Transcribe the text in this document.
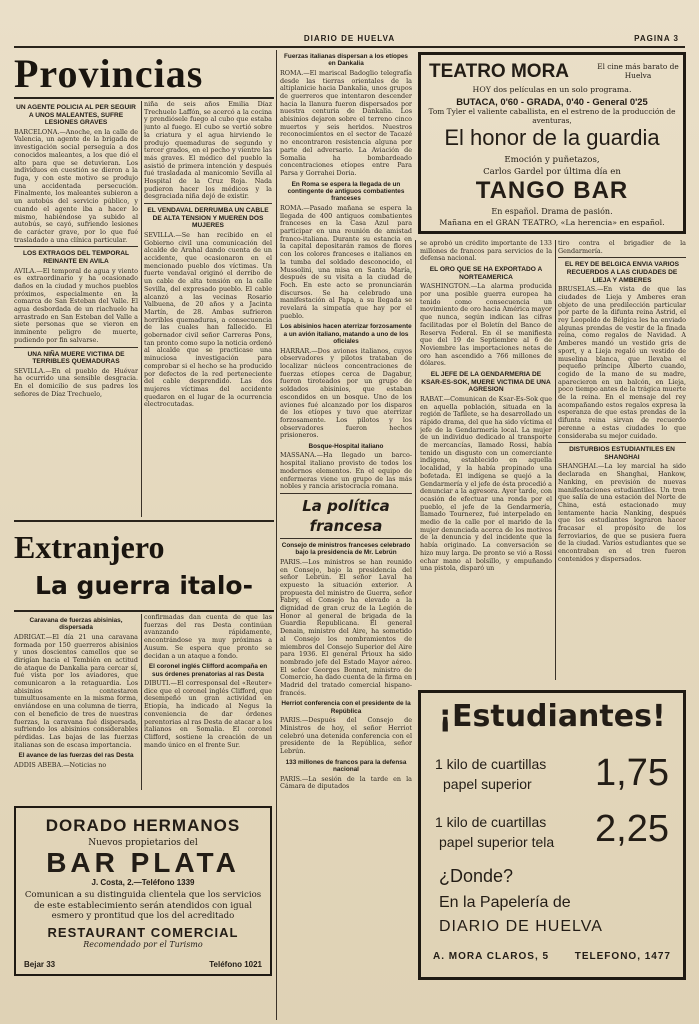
DIARIO DE HUELVA	PAGINA 3
Provincias
UN AGENTE POLICIA AL PER SEGUIR A UNOS MALEANTES, SUFRE LESIONES GRAVES
BARCELONA.—Anoche, en la calle de Valencia, un agente de la brigada de investigación social perseguía a dos conocidos maleantes, a los que dió el alto para que se detuvieran. Los individuos en cuestión se dieron a la fuga, y con este motivo se produjo una accidentada persecución. Finalmente, los maleantes subieron a un autobús del servicio público, y cuando el agente iba a hacer lo mismo, habiéndose ya subido al autobús, se cayó, sufriendo lesiones de carácter grave, por lo que fué trasladado a una clínica particular.
LOS EXTRAGOS DEL TEMPORAL REINANTE EN AVILA
AVILA.—El temporal de agua y viento es extraordinario y ha ocasionado daños en la ciudad y muchos pueblos próximos, especialmente en la comarca de San Esteban del Valle. El agua desbordada de un riachuelo ha arrastrado en San Esteban del Valle a siete personas que se vieron en inminente peligro de muerte, pudiendo por fin salvarse.
UNA NIÑA MUERE VICTIMA DE TERRIBLES QUEMADURAS
SEVILLA.—En el pueblo de Huévar ha ocurrido una sensible desgracia. En el domicilio de sus padres los señores de Díaz Trechuelo,
niña de seis años Emilia Díaz Trechuelo Laffón, se acercó a la cocina y prendiósele fuego al cubo que estaba junto al fuego. El cubo se vertió sobre la criatura y el agua hirviendo le produjo quemaduras de segundo y tercer grados, en el pecho y vientre las más graves. El médico del pueblo la asistió de primera intención y después fué trasladada al manicomio Sevilla al Hospital de la Cruz Roja. Nada pudieron hacer los médicos y la desgraciada niña dejó de existir.
EL VENDAVAL DERRUMBA UN CABLE DE ALTA TENSION Y MUEREN DOS MUJERES
SEVILLA.—Se han recibido en el Gobierno civil una comunicación del alcalde de Arahal dando cuenta de un accidente, que ocasionaron en el mencionado pueblo dos víctimas. Un fuerte vendaval originó el derribo de un cable de alta tensión en la calle Sevilla, del expresado pueblo. El cable alcanzó a las vecinas Rosario Valbuena, de 20 años y a Jacinta Martín, de 28. Ambas sufrieron horribles quemaduras, a consecuencia de las cuales han fallecido. El gobernador civil señor Carreras Pons, tan pronto como supo la noticia ordenó al alcalde que se practicase una minuciosa investigación para comprobar si el hecho se ha producido por defectos de la red perteneciente del cable desprendido. Las dos mujeres víctimas del accidente quedaron en el lugar de la ocurrencia electrocutadas.
Extranjero
La guerra italo-
Caravana de fuerzas abisinias, dispersada
ADRIGAT.—El día 21 una caravana formada por 150 guerreros abisinios y unos doscientos camellos que se dirigían hacia el Tembién en actitud de ataque de Dankalia para cercar sí, fué vista por los aviadores, que comunicaron a la retaguardia. Los abisinios contestaron tumultuosamente en la misma forma, enviándose en una columna de tierra, con el beneficio de tres de nuestras fuerzas, la caravana fué dispersada, sufriendo los abisinios considerables pérdidas. Las bajas de las fuerzas italianas son de escasa importancia.
El avance de las fuerzas del ras Desta
ADDIS ABEBA.—Noticias no
confirmadas dan cuenta de que las fuerzas del ras Desta continúan avanzando rápidamente, encontrándose ya muy próximas a Ausum. Se espera que pronto se decidan a un ataque a fondo.
El coronel inglés Clifford acompaña en sus órdenes prenatorias al ras Desta
DIBUTI.—El corresponsal del «Reuter» dice que el coronel inglés Clifford, que desempeñó un gran actividad en Etiopía, ha indicado al Negus la conveniencia de dar órdenes perentorias al ras Desta de atacar a los italianos en Somalia. El coronel Clifford, sostiene la creación de un mando único en el frente Sur.
DORADO HERMANOS
Nuevos propietarios del
BAR PLATA
J. Costa, 2.—Teléfono 1339
Comunican a su distinguida clientela que los servicios de este establecimiento serán atendidos con igual esmero y prontitud que los del acreditado
RESTAURANT COMERCIAL
Recomendado por el Turismo
Bejar 33	Teléfono 1021
Fuerzas italianas dispersan a los etíopes en Dankalia
ROMA.—El mariscal Badoglio telegrafía desde las tierras orientales de la altiplanicie hacia Dankalia, unos grupos de guerreros que intentaron descender hacia la llanura fueron dispersados por nuestra centuria de Dankalia. Los abisinios dejaron sobre el terreno cinco muertos y seis heridos. Nuestros reconocimientos en el sector de Tacazé no encontraron resistencia alguna por parte del adversario. La Aviación de Somalia ha bombardeado concentraciones etíopes entre Para Parsa y Gorrahei Doria.
En Roma se espera la llegada de un contingente de antiguos combatientes franceses
ROMA.—Pasado mañana se espera la llegada de 400 antiguos combatientes franceses en la Casa Azul para participar en una reunión de amistad franco-italiana. Durante su estancia en la capital depositarán ramos de flores con los colores franceses e italianos en la tumba del soldado desconocido, el Mussolini, una misa en Santa María, después de su visita a la ciudad de Foch. En este acto se pronunciarán discursos. Se ha celebrado una manifestación al Papa, a su llegada se revelará la simpatía que hay por el pueblo.
Los abisinios hacen aterrizar forzosamente a un avión italiano, matando a uno de los oficiales
HARRAR.—Dos aviones italianos, cuyos observadores y pilotos trataban de localizar núcleos concentraciones de fuerzas etíopes cerca de Dagabur, fueron tiroteados por un grupo de soldados abisinios, que estaban escondidos en un bosque. Uno de los aviones fué alcanzado por los disparos de los etíopes y tuvo que aterrizar forzosamente. Los pilotos y los observadores fueron hechos prisioneros.
Bosque-Hospital italiano
MASSANA.—Ha llegado un barco-hospital italiano provisto de todos los modernos elementos. En el equipo de enfermeras viene un grupo de las más nobles y rancia aristocracia romana.
La política francesa
Consejo de ministros franceses celebrado bajo la presidencia de Mr. Lebrún
PARIS.—Los ministros se han reunido en Consejo, bajo la presidencia del señor Lebrún. El señor Laval ha expuesto la situación exterior. A propuesta del ministro de Guerra, señor Fabry, el Consejo ha elevado a la dignidad de gran cruz de la Legión de Honor al general de brigada de la Guardia Republicana. El general Denain, ministro del Aire, ha sometido al Consejo los nombramientos de miembros del Consejo Superior del Aire para 1936. El general Prioux ha sido nombrado jefe del Estado Mayor aéreo. El señor Georges Bonnet, ministro de Comercio, ha dado cuenta de la firma en Madrid del tratado comercial hispano-francés.
Herriot conferencia con el presidente de la República
PARIS.—Después del Consejo de Ministros de hoy, el señor Herriot celebró una detenida conferencia con el presidente de la República, señor Lebrún.
133 millones de francos para la defensa nacional
PARIS.—La sesión de la tarde en la Cámara de diputados
TEATRO MORA	El cine más barato de Huelva
HOY dos películas en un solo programa.
BUTACA, 0'60 - GRADA, 0'40 - General 0'25
Tom Tyler el valiente caballista, en el estreno de la producción de aventuras,
El honor de la guardia
Emoción y puñetazos,
Carlos Gardel por última día en
TANGO BAR
En español. Drama de pasión.
Mañana en el GRAN TEATRO, «La herencia» en español.
se aprobó un crédito importante de 133 millones de francos para servicios de la defensa nacional.
EL ORO QUE SE HA EXPORTADO A NORTEAMERICA
WASHINGTON.—La alarma producida por una posible guerra europea ha tenido como consecuencia un movimiento de oro hacia América mayor que nunca, según indican las cifras facilitadas por el Boletín del Banco de Reserva Federal. En él se manifiesta que del 19 de Septiembre al 6 de Noviembre las importaciones netas de oro han ascendido a 766 millones de dólares.
EL JEFE DE LA GENDARMERIA DE KSAR-ES-SOK, MUERE VICTIMA DE UNA AGRESION
RABAT.—Comunican de Ksar-Es-Sok que en aquella población, situada en la región de Tafilete, se ha desarrollado un rápido drama, del que ha sido víctima el jefe de la Gendarmería local. La mujer de un individuo dedicado al transporte de mercancías, llamado Rossi, había tenido un disgusto con un comerciante indígena, establecido en aquella localidad, y la había propinado una bofetada. El indígena se quejó a la Gendarmería y el jefe de ésta procedió a denunciar a la agresora. Ayer tarde, con ocasión de efectuar una ronda por el pueblo, el jefe de la Gendarmería, llamado Tournerez, fué interpelado en medio de la calle por el marido de la mujer denunciada acerca de los motivos de la denuncia y del incidente que la había originado. La conversación se hizo muy larga. De pronto se vió a Rossi echar mano al bolsillo, y empuñando una pistola, disparó un
tiro contra el brigadier de la Gendarmería.
EL REY DE BELGICA ENVIA VARIOS RECUERDOS A LAS CIUDADES DE LIEJA Y AMBERES
BRUSELAS.—En vista de que las ciudades de Lieja y Amberes eran objeto de una predilección particular por parte de la difunta reina Astrid, el rey Leopoldo de Bélgica les ha enviado algunas prendas de vestir de la finada reina, como regalos de Navidad. A Amberes mandó un vestido gris de sport, y a Lieja regaló un vestido de muselina blanca, que llevaba el pequeño príncipe Alberto cuando, cogido de la mano de su madre, aparecieron en un balcón, en Lieja, poco tiempo antes de la trágica muerte de la reina. En el mensaje del rey acompañando estos regalos expresa la esperanza de que estas prendas de la difunta reina sirvan de recuerdo perenne a estas ciudades lo que consideraba su mejor cuidado.
DISTURBIOS ESTUDIANTILES EN SHANGHAI
SHANGHAI.—La ley marcial ha sido declarada en Shanghai, Hankow, Nanking, en previsión de nuevas manifestaciones estudiantiles. Un tren que salía de una estación del Norte de China, está estacionado muy lentamente hacia Nanking, después que los estudiantes lograron hacer fracasar el propósito de los ferroviarios, de que se pusiera fuera de la ciudad. Varios estudiantes que se encontraban en el tren fueron contenidos y dispersados.
¡Estudiantes!
1 kilo de cuartillas
papel superior 1,75
1 kilo de cuartillas
papel superior tela 2,25
¿Donde?
En la Papelería de
DIARIO DE HUELVA
A. MORA CLAROS, 5	TELEFONO, 1477
